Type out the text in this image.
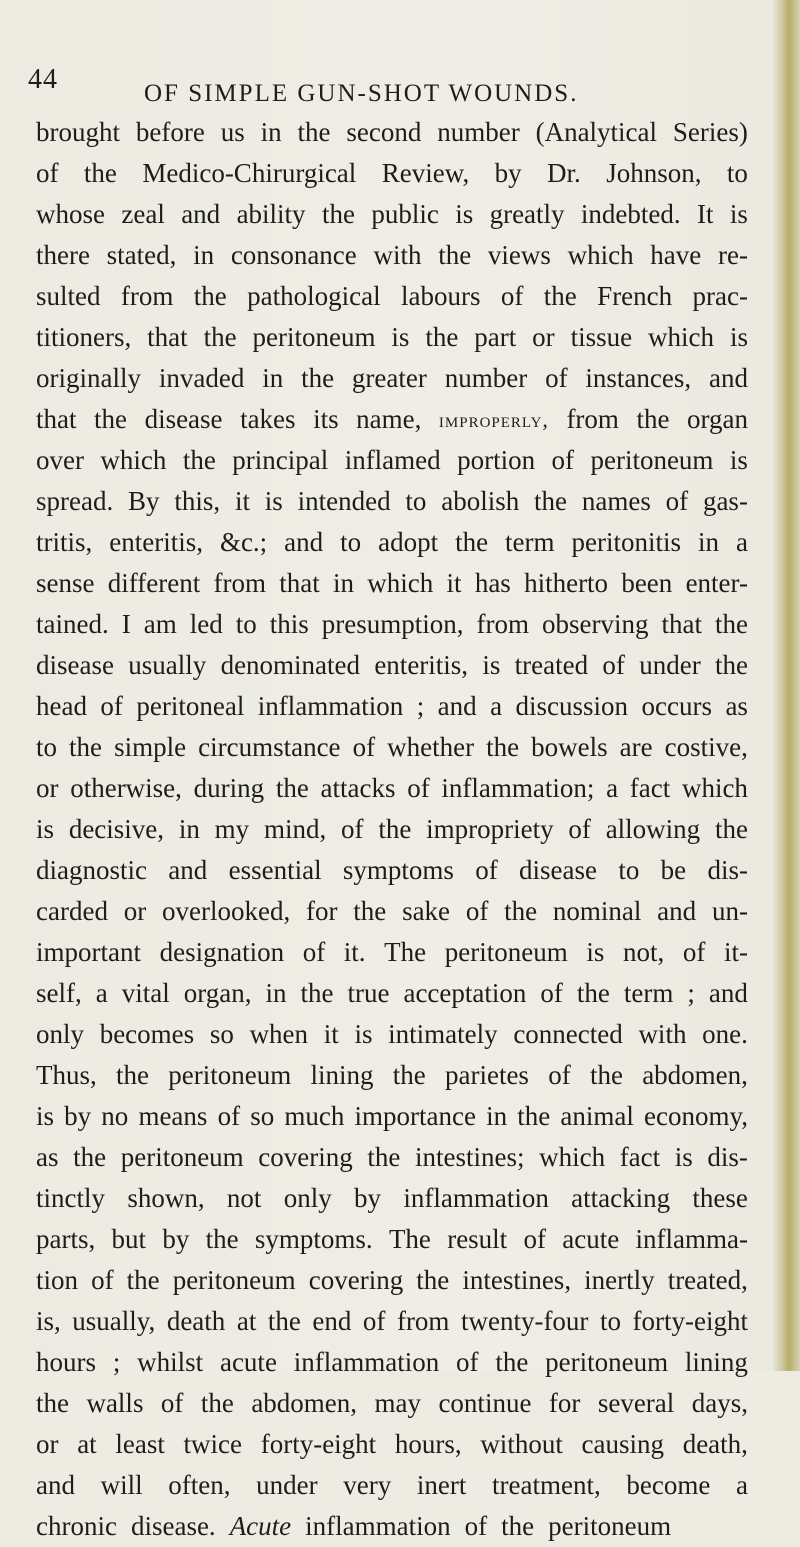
44	OF SIMPLE GUN-SHOT WOUNDS.
brought before us in the second number (Analytical Series)
of the Medico-Chirurgical Review, by Dr. Johnson, to
whose zeal and ability the public is greatly indebted. It is
there stated, in consonance with the views which have re-
sulted from the pathological labours of the French prac-
titioners, that the peritoneum is the part or tissue which is
originally invaded in the greater number of instances, and
that the disease takes its name, improperly, from the organ
over which the principal inflamed portion of peritoneum is
spread. By this, it is intended to abolish the names of gas-
tritis, enteritis, &c.; and to adopt the term peritonitis in a
sense different from that in which it has hitherto been enter-
tained. I am led to this presumption, from observing that the
disease usually denominated enteritis, is treated of under the
head of peritoneal inflammation ; and a discussion occurs as
to the simple circumstance of whether the bowels are costive,
or otherwise, during the attacks of inflammation; a fact which
is decisive, in my mind, of the impropriety of allowing the
diagnostic and essential symptoms of disease to be dis-
carded or overlooked, for the sake of the nominal and un-
important designation of it. The peritoneum is not, of it-
self, a vital organ, in the true acceptation of the term ; and
only becomes so when it is intimately connected with one.
Thus, the peritoneum lining the parietes of the abdomen,
is by no means of so much importance in the animal economy,
as the peritoneum covering the intestines; which fact is dis-
tinctly shown, not only by inflammation attacking these
parts, but by the symptoms. The result of acute inflamma-
tion of the peritoneum covering the intestines, inertly treated,
is, usually, death at the end of from twenty-four to forty-eight
hours ; whilst acute inflammation of the peritoneum lining
the walls of the abdomen, may continue for several days,
or at least twice forty-eight hours, without causing death,
and will often, under very inert treatment, become a
chronic disease. Acute inflammation of the peritoneum
